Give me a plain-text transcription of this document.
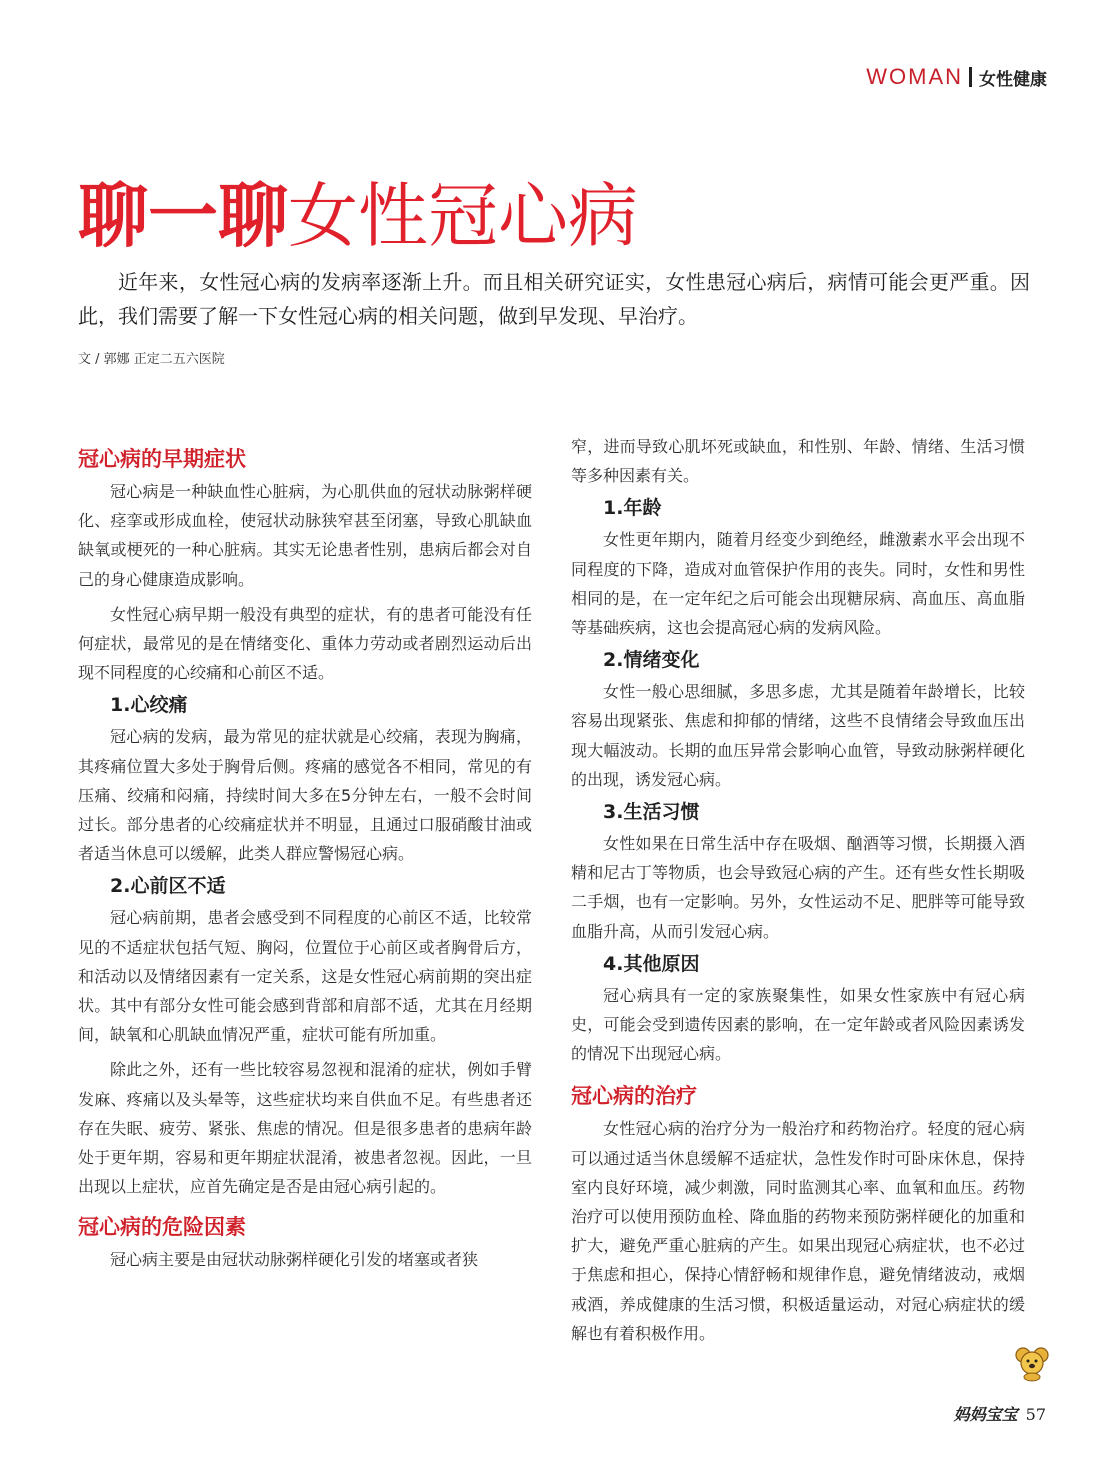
WOMAN 女性健康
聊一聊女性冠心病

近年来，女性冠心病的发病率逐渐上升。而且相关研究证实，女性患冠心病后，病情可能会更严重。因此，我们需要了解一下女性冠心病的相关问题，做到早发现、早治疗。

文 / 郭娜 正定二五六医院

冠心病的早期症状

冠心病是一种缺血性心脏病，为心肌供血的冠状动脉粥样硬化、痉挛或形成血栓，使冠状动脉狭窄甚至闭塞，导致心肌缺血缺氧或梗死的一种心脏病。其实无论患者性别，患病后都会对自己的身心健康造成影响。

女性冠心病早期一般没有典型的症状，有的患者可能没有任何症状，最常见的是在情绪变化、重体力劳动或者剧烈运动后出现不同程度的心绞痛和心前区不适。

1.心绞痛

冠心病的发病，最为常见的症状就是心绞痛，表现为胸痛，其疼痛位置大多处于胸骨后侧。疼痛的感觉各不相同，常见的有压痛、绞痛和闷痛，持续时间大多在5分钟左右，一般不会时间过长。部分患者的心绞痛症状并不明显，且通过口服硝酸甘油或者适当休息可以缓解，此类人群应警惕冠心病。

2.心前区不适

冠心病前期，患者会感受到不同程度的心前区不适，比较常见的不适症状包括气短、胸闷，位置位于心前区或者胸骨后方，和活动以及情绪因素有一定关系，这是女性冠心病前期的突出症状。其中有部分女性可能会感到背部和肩部不适，尤其在月经期间，缺氧和心肌缺血情况严重，症状可能有所加重。

除此之外，还有一些比较容易忽视和混淆的症状，例如手臂发麻、疼痛以及头晕等，这些症状均来自供血不足。有些患者还存在失眠、疲劳、紧张、焦虑的情况。但是很多患者的患病年龄处于更年期，容易和更年期症状混淆，被患者忽视。因此，一旦出现以上症状，应首先确定是否是由冠心病引起的。

冠心病的危险因素

冠心病主要是由冠状动脉粥样硬化引发的堵塞或者狭

窄，进而导致心肌坏死或缺血，和性别、年龄、情绪、生活习惯等多种因素有关。

1.年龄

女性更年期内，随着月经变少到绝经，雌激素水平会出现不同程度的下降，造成对血管保护作用的丧失。同时，女性和男性相同的是，在一定年纪之后可能会出现糖尿病、高血压、高血脂等基础疾病，这也会提高冠心病的发病风险。

2.情绪变化

女性一般心思细腻，多思多虑，尤其是随着年龄增长，比较容易出现紧张、焦虑和抑郁的情绪，这些不良情绪会导致血压出现大幅波动。长期的血压异常会影响心血管，导致动脉粥样硬化的出现，诱发冠心病。

3.生活习惯

女性如果在日常生活中存在吸烟、酗酒等习惯，长期摄入酒精和尼古丁等物质，也会导致冠心病的产生。还有些女性长期吸二手烟，也有一定影响。另外，女性运动不足、肥胖等可能导致血脂升高，从而引发冠心病。

4.其他原因

冠心病具有一定的家族聚集性，如果女性家族中有冠心病史，可能会受到遗传因素的影响，在一定年龄或者风险因素诱发的情况下出现冠心病。

冠心病的治疗

女性冠心病的治疗分为一般治疗和药物治疗。轻度的冠心病可以通过适当休息缓解不适症状，急性发作时可卧床休息，保持室内良好环境，减少刺激，同时监测其心率、血氧和血压。药物治疗可以使用预防血栓、降血脂的药物来预防粥样硬化的加重和扩大，避免严重心脏病的产生。如果出现冠心病症状，也不必过于焦虑和担心，保持心情舒畅和规律作息，避免情绪波动，戒烟戒酒，养成健康的生活习惯，积极适量运动，对冠心病症状的缓解也有着积极作用。

妈妈宝宝 57
